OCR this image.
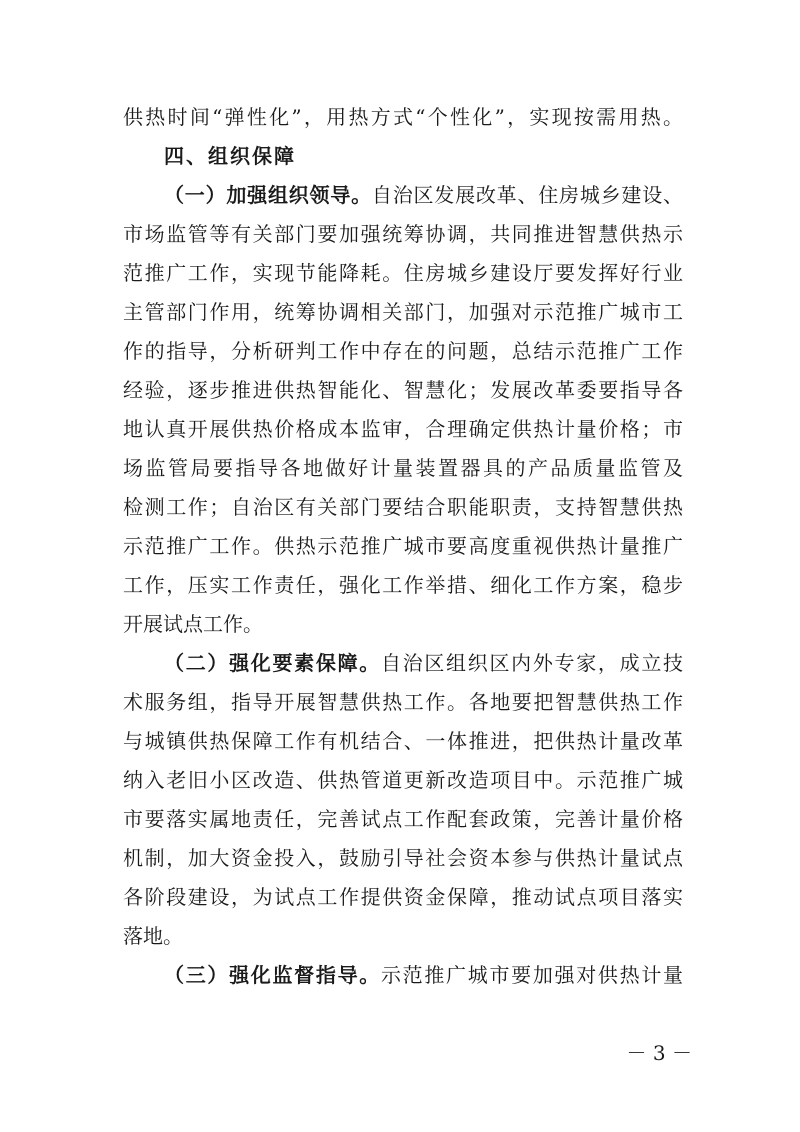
供热时间“弹性化”，用热方式“个性化”，实现按需用热。
四、组织保障
（一）加强组织领导。自治区发展改革、住房城乡建设、
市场监管等有关部门要加强统筹协调，共同推进智慧供热示
范推广工作，实现节能降耗。住房城乡建设厅要发挥好行业
主管部门作用，统筹协调相关部门，加强对示范推广城市工
作的指导，分析研判工作中存在的问题，总结示范推广工作
经验，逐步推进供热智能化、智慧化；发展改革委要指导各
地认真开展供热价格成本监审，合理确定供热计量价格；市
场监管局要指导各地做好计量装置器具的产品质量监管及
检测工作；自治区有关部门要结合职能职责，支持智慧供热
示范推广工作。供热示范推广城市要高度重视供热计量推广
工作，压实工作责任，强化工作举措、细化工作方案，稳步
开展试点工作。
（二）强化要素保障。自治区组织区内外专家，成立技
术服务组，指导开展智慧供热工作。各地要把智慧供热工作
与城镇供热保障工作有机结合、一体推进，把供热计量改革
纳入老旧小区改造、供热管道更新改造项目中。示范推广城
市要落实属地责任，完善试点工作配套政策，完善计量价格
机制，加大资金投入，鼓励引导社会资本参与供热计量试点
各阶段建设，为试点工作提供资金保障，推动试点项目落实
落地。
（三）强化监督指导。示范推广城市要加强对供热计量
－ 3 －
